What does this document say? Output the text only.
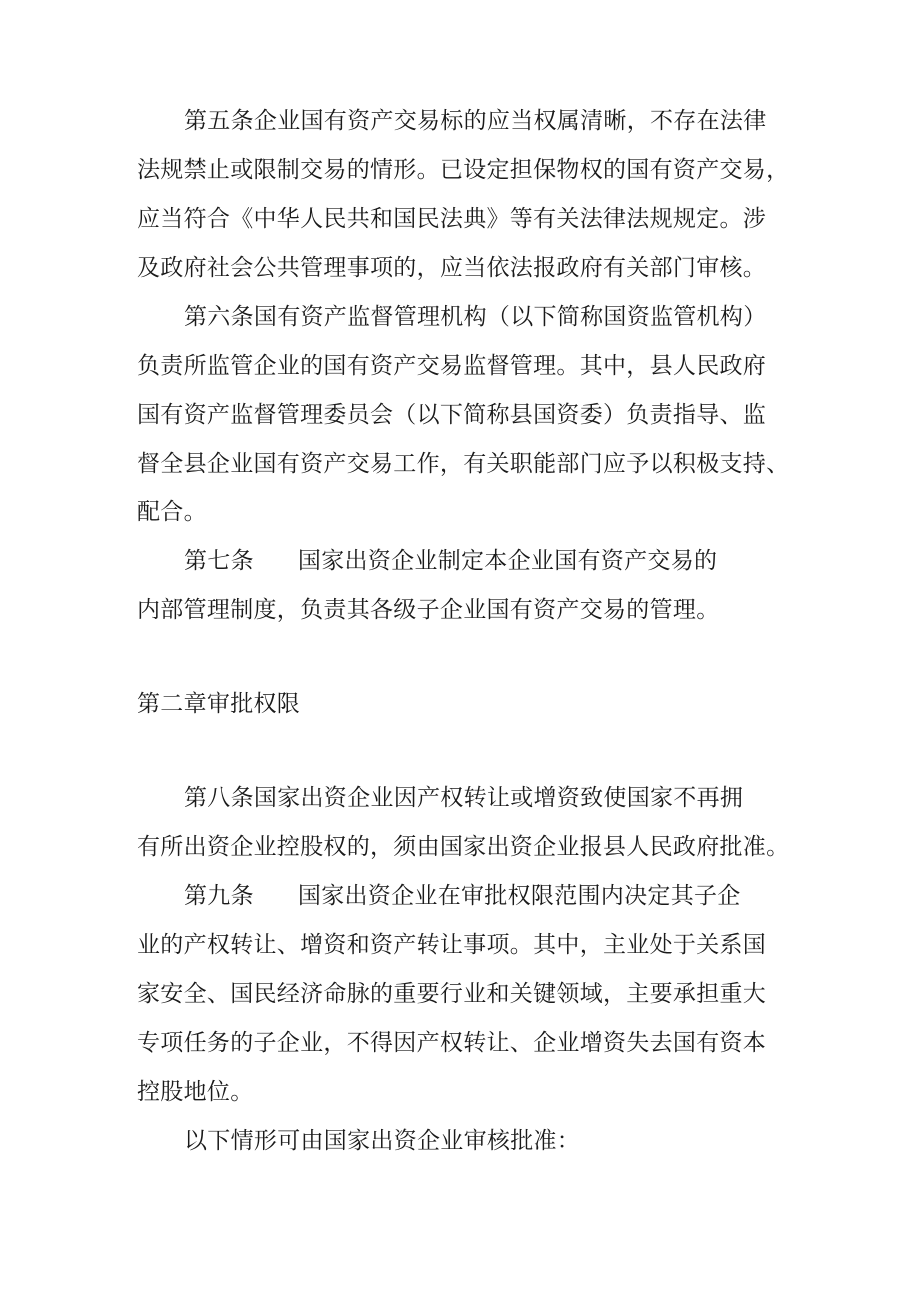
第五条企业国有资产交易标的应当权属清晰，不存在法律
法规禁止或限制交易的情形。已设定担保物权的国有资产交易，
应当符合《中华人民共和国民法典》等有关法律法规规定。涉
及政府社会公共管理事项的，应当依法报政府有关部门审核。
第六条国有资产监督管理机构（以下简称国资监管机构）
负责所监管企业的国有资产交易监督管理。其中，县人民政府
国有资产监督管理委员会（以下简称县国资委）负责指导、监
督全县企业国有资产交易工作，有关职能部门应予以积极支持、
配合。
第七条 国家出资企业制定本企业国有资产交易的
内部管理制度，负责其各级子企业国有资产交易的管理。
第二章审批权限
第八条国家出资企业因产权转让或增资致使国家不再拥
有所出资企业控股权的，须由国家出资企业报县人民政府批准。
第九条 国家出资企业在审批权限范围内决定其子企
业的产权转让、增资和资产转让事项。其中，主业处于关系国
家安全、国民经济命脉的重要行业和关键领域，主要承担重大
专项任务的子企业，不得因产权转让、企业增资失去国有资本
控股地位。
以下情形可由国家出资企业审核批准：
